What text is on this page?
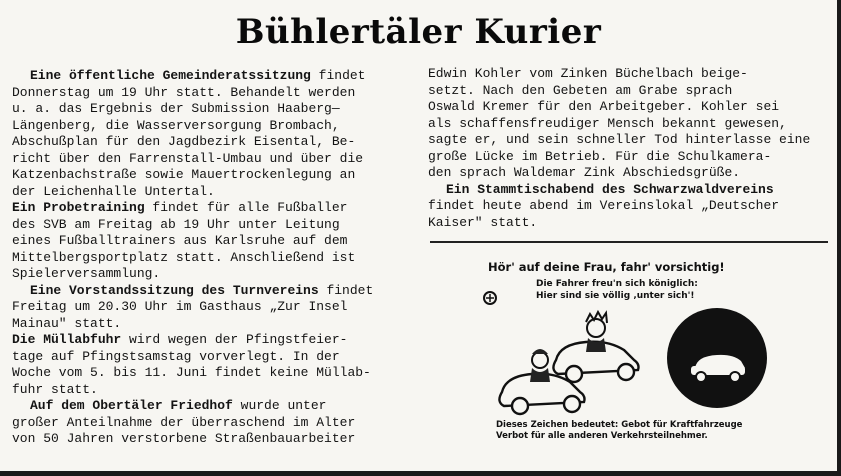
Bühlertäler Kurier
Eine öffentliche Gemeinderatssitzung findet
Donnerstag um 19 Uhr statt. Behandelt werden
u. a. das Ergebnis der Submission Haaberg—
Längenberg, die Wasserversorgung Brombach,
Abschußplan für den Jagdbezirk Eisental, Be-
richt über den Farrenstall-Umbau und über die
Katzenbachstraße sowie Mauertrockenlegung an
der Leichenhalle Untertal.
Ein Probetraining findet für alle Fußballer
des SVB am Freitag ab 19 Uhr unter Leitung
eines Fußballtrainers aus Karlsruhe auf dem
Mittelbergsportplatz statt. Anschließend ist
Spielerversammlung.
Eine Vorstandssitzung des Turnvereins findet
Freitag um 20.30 Uhr im Gasthaus „Zur Insel
Mainau" statt.
Die Müllabfuhr wird wegen der Pfingstfeier-
tage auf Pfingstsamstag vorverlegt. In der
Woche vom 5. bis 11. Juni findet keine Müllab-
fuhr statt.
Auf dem Obertäler Friedhof wurde unter
großer Anteilnahme der überraschend im Alter
von 50 Jahren verstorbene Straßenbauarbeiter
Edwin Kohler vom Zinken Büchelbach beige-
setzt. Nach den Gebeten am Grabe sprach
Oswald Kremer für den Arbeitgeber. Kohler sei
als schaffensfreudiger Mensch bekannt gewesen,
sagte er, und sein schneller Tod hinterlasse eine
große Lücke im Betrieb. Für die Schulkamera-
den sprach Waldemar Zink Abschiedsgrüße.
Ein Stammtischabend des Schwarzwaldvereins
findet heute abend im Vereinslokal „Deutscher
Kaiser" statt.
Hör' auf deine Frau, fahr' vorsichtig!
Die Fahrer freu'n sich königlich:
Hier sind sie völlig ‚unter sich'!
Dieses Zeichen bedeutet: Gebot für Kraftfahrzeuge
Verbot für alle anderen Verkehrsteilnehmer.
